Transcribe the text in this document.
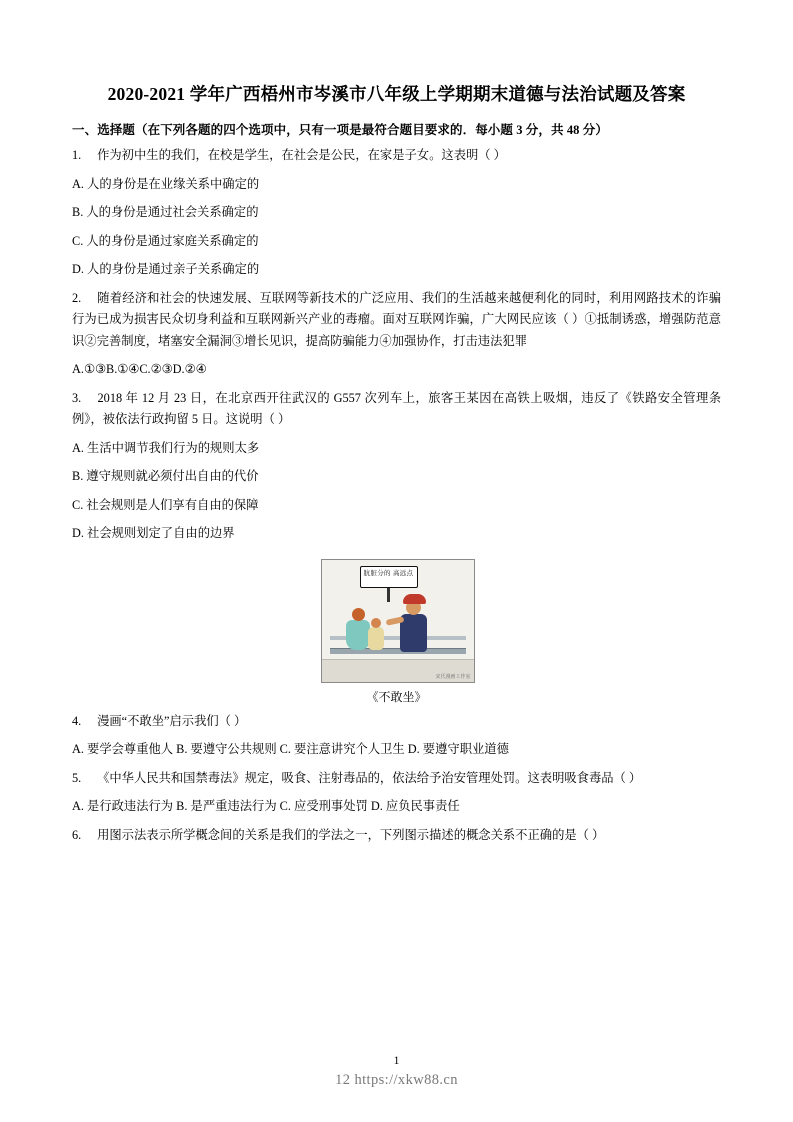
2020-2021 学年广西梧州市岑溪市八年级上学期期末道德与法治试题及答案
一、选择题（在下列各题的四个选项中，只有一项是最符合题目要求的．每小题 3 分，共 48 分）
1. 作为初中生的我们，在校是学生，在社会是公民，在家是子女。这表明（ ）
A. 人的身份是在业缘关系中确定的
B. 人的身份是通过社会关系确定的
C. 人的身份是通过家庭关系确定的
D. 人的身份是通过亲子关系确定的
2. 随着经济和社会的快速发展、互联网等新技术的广泛应用、我们的生活越来越便利化的同时，利用网路技术的诈骗行为已成为损害民众切身利益和互联网新兴产业的毒瘤。面对互联网诈骗，广大网民应该（ ）①抵制诱惑，增强防范意识②完善制度，堵塞安全漏洞③增长见识，提高防骗能力④加强协作，打击违法犯罪
A.①③B.①④C.②③D.②④
3. 2018 年 12 月 23 日，在北京西开往武汉的 G557 次列车上，旅客王某因在高铁上吸烟，违反了《铁路安全管理条例》，被依法行政拘留 5 日。这说明（ ）
A. 生活中调节我们行为的规则太多
B. 遵守规则就必须付出自由的代价
C. 社会规则是人们享有自由的保障
D. 社会规则划定了自由的边界
肮脏分的 高远点
宋氏漫画工作室
《不敢坐》
4. 漫画“不敢坐”启示我们（ ）
A. 要学会尊重他人 B. 要遵守公共规则 C. 要注意讲究个人卫生 D. 要遵守职业道德
5. 《中华人民共和国禁毒法》规定，吸食、注射毒品的，依法给予治安管理处罚。这表明吸食毒品（ ）
A. 是行政违法行为 B. 是严重违法行为 C. 应受刑事处罚 D. 应负民事责任
6. 用图示法表示所学概念间的关系是我们的学法之一，下列图示描述的概念关系不正确的是（ ）
1
12 https://xkw88.cn
